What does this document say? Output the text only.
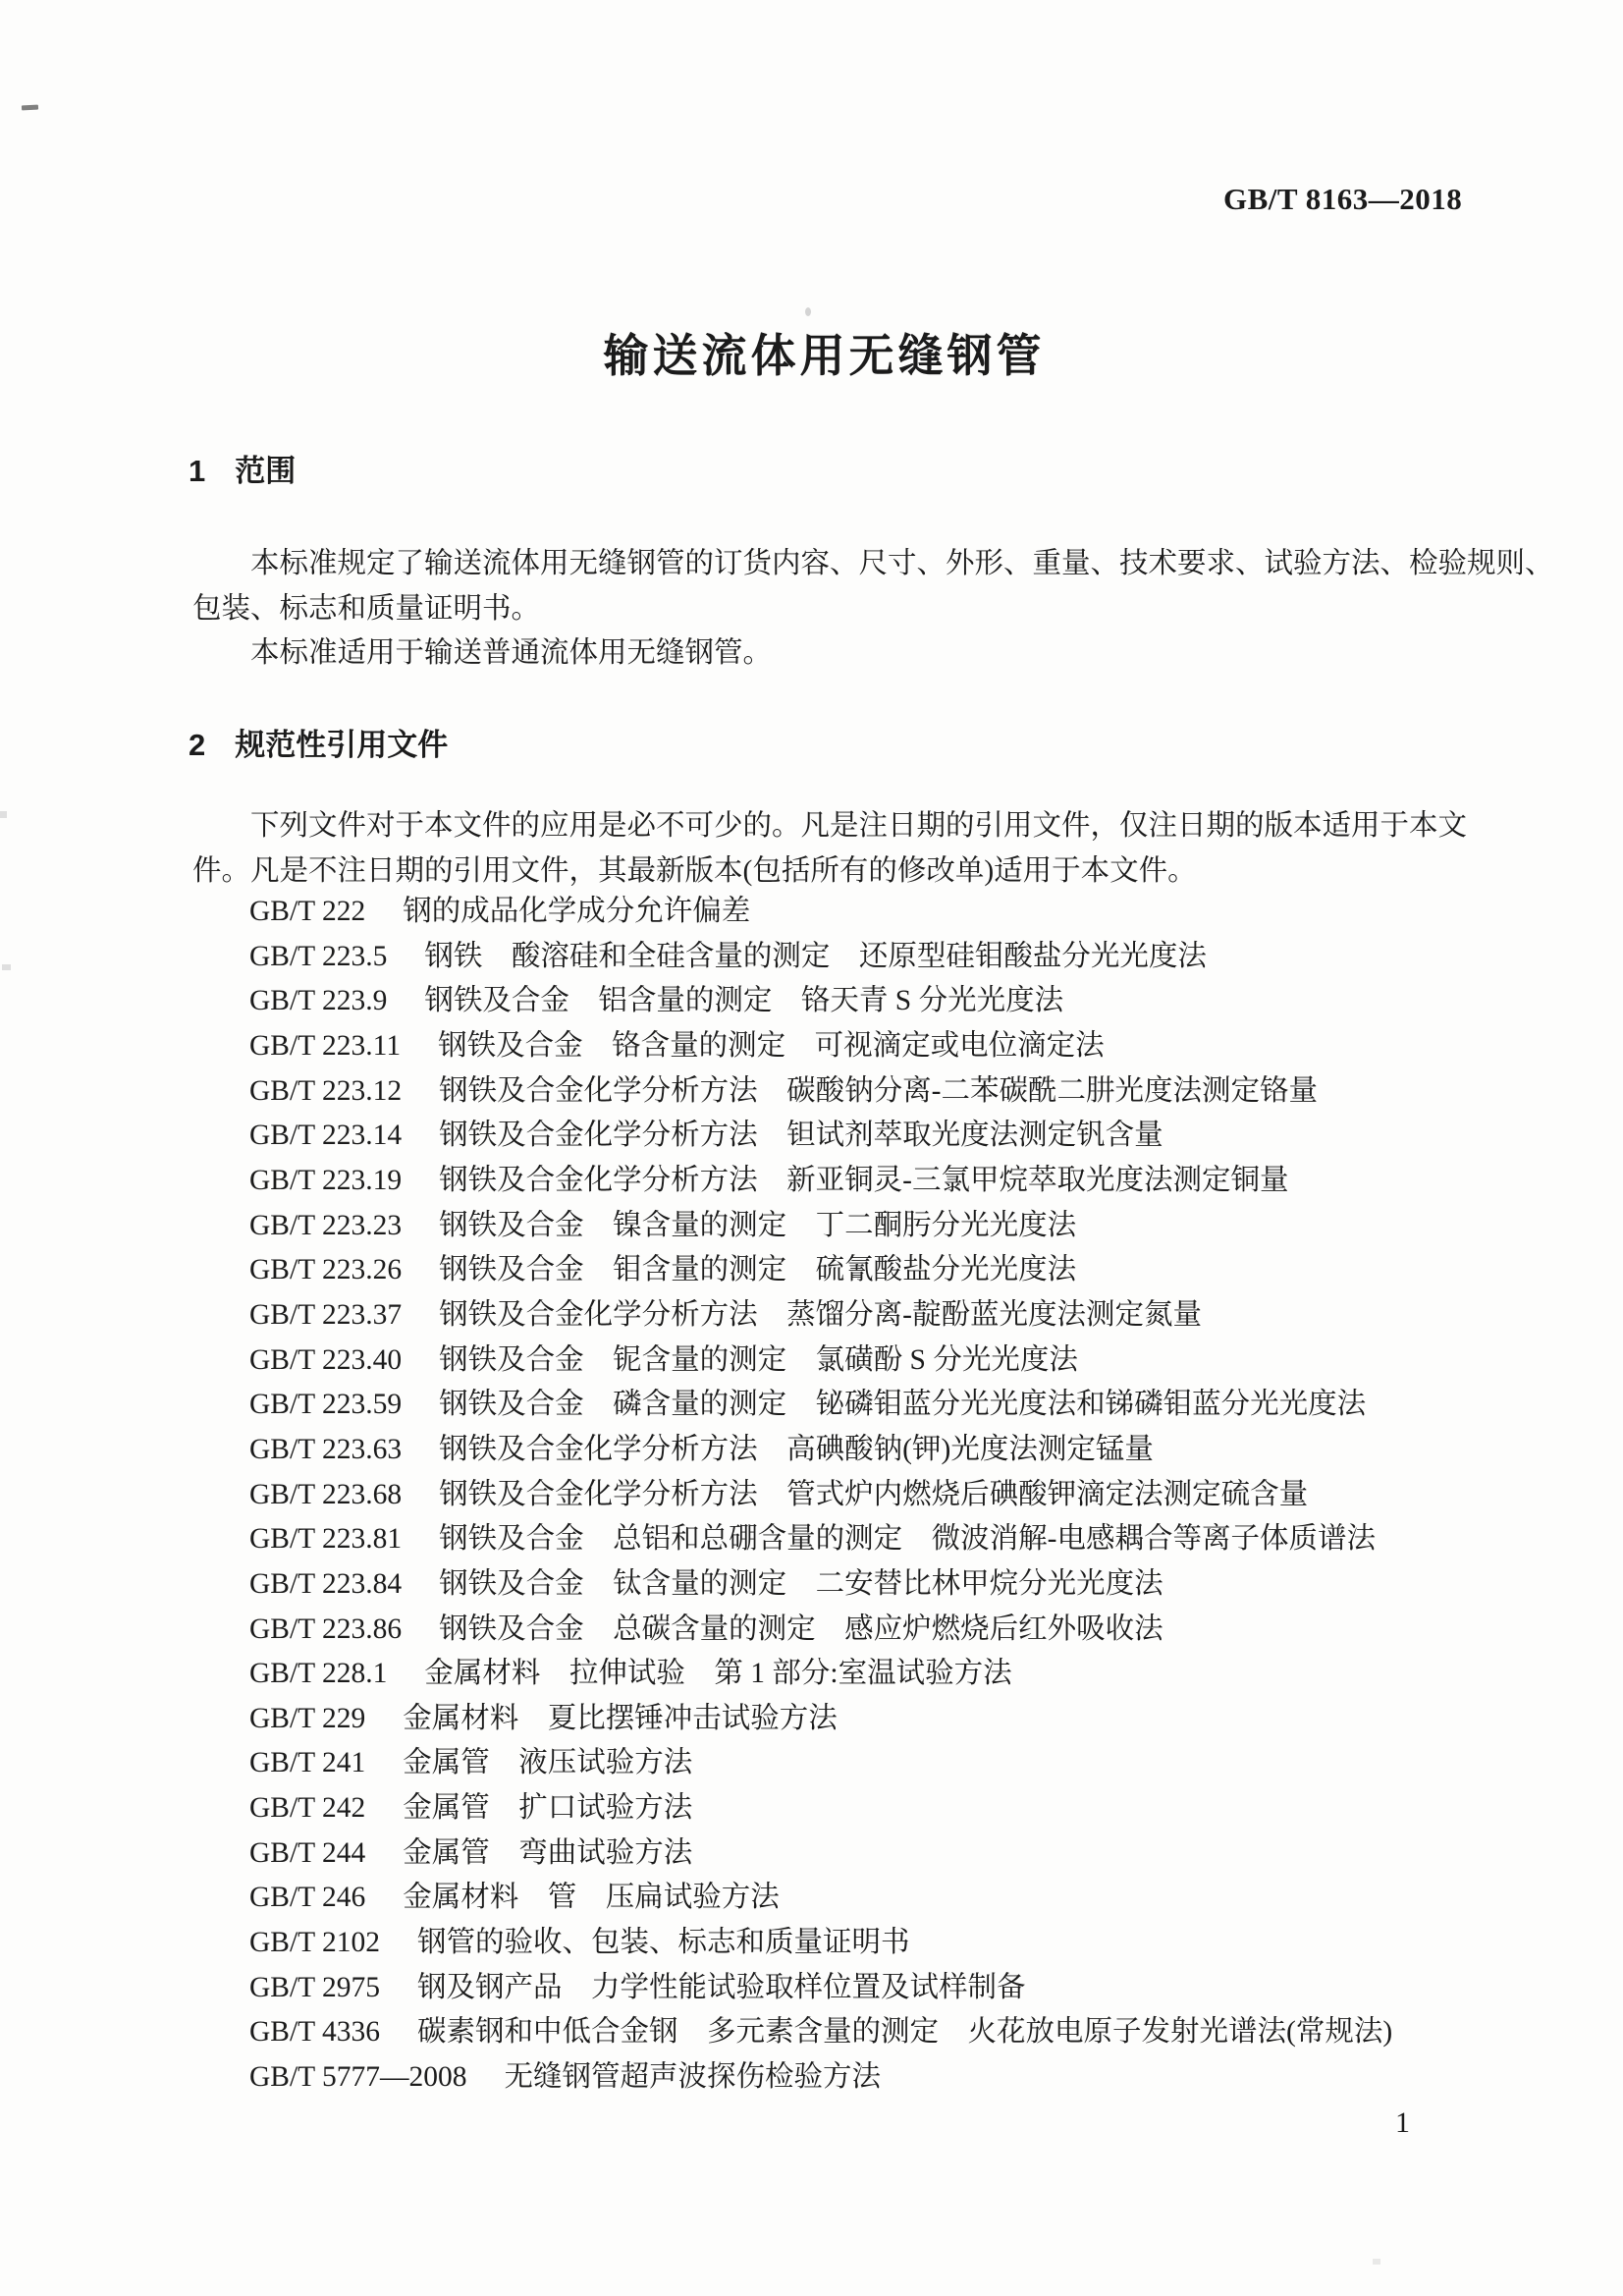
GB/T 8163—2018
输送流体用无缝钢管
1 范围
本标准规定了输送流体用无缝钢管的订货内容、尺寸、外形、重量、技术要求、试验方法、检验规则、
包装、标志和质量证明书。
本标准适用于输送普通流体用无缝钢管。
2 规范性引用文件
下列文件对于本文件的应用是必不可少的。凡是注日期的引用文件，仅注日期的版本适用于本文
件。凡是不注日期的引用文件，其最新版本(包括所有的修改单)适用于本文件。
GB/T 222 钢的成品化学成分允许偏差
GB/T 223.5 钢铁　酸溶硅和全硅含量的测定　还原型硅钼酸盐分光光度法
GB/T 223.9 钢铁及合金　铝含量的测定　铬天青 S 分光光度法
GB/T 223.11 钢铁及合金　铬含量的测定　可视滴定或电位滴定法
GB/T 223.12 钢铁及合金化学分析方法　碳酸钠分离-二苯碳酰二肼光度法测定铬量
GB/T 223.14 钢铁及合金化学分析方法　钽试剂萃取光度法测定钒含量
GB/T 223.19 钢铁及合金化学分析方法　新亚铜灵-三氯甲烷萃取光度法测定铜量
GB/T 223.23 钢铁及合金　镍含量的测定　丁二酮肟分光光度法
GB/T 223.26 钢铁及合金　钼含量的测定　硫氰酸盐分光光度法
GB/T 223.37 钢铁及合金化学分析方法　蒸馏分离-靛酚蓝光度法测定氮量
GB/T 223.40 钢铁及合金　铌含量的测定　氯磺酚 S 分光光度法
GB/T 223.59 钢铁及合金　磷含量的测定　铋磷钼蓝分光光度法和锑磷钼蓝分光光度法
GB/T 223.63 钢铁及合金化学分析方法　高碘酸钠(钾)光度法测定锰量
GB/T 223.68 钢铁及合金化学分析方法　管式炉内燃烧后碘酸钾滴定法测定硫含量
GB/T 223.81 钢铁及合金　总铝和总硼含量的测定　微波消解-电感耦合等离子体质谱法
GB/T 223.84 钢铁及合金　钛含量的测定　二安替比林甲烷分光光度法
GB/T 223.86 钢铁及合金　总碳含量的测定　感应炉燃烧后红外吸收法
GB/T 228.1 金属材料　拉伸试验　第 1 部分:室温试验方法
GB/T 229 金属材料　夏比摆锤冲击试验方法
GB/T 241 金属管　液压试验方法
GB/T 242 金属管　扩口试验方法
GB/T 244 金属管　弯曲试验方法
GB/T 246 金属材料　管　压扁试验方法
GB/T 2102 钢管的验收、包装、标志和质量证明书
GB/T 2975 钢及钢产品　力学性能试验取样位置及试样制备
GB/T 4336 碳素钢和中低合金钢　多元素含量的测定　火花放电原子发射光谱法(常规法)
GB/T 5777—2008 无缝钢管超声波探伤检验方法
1
